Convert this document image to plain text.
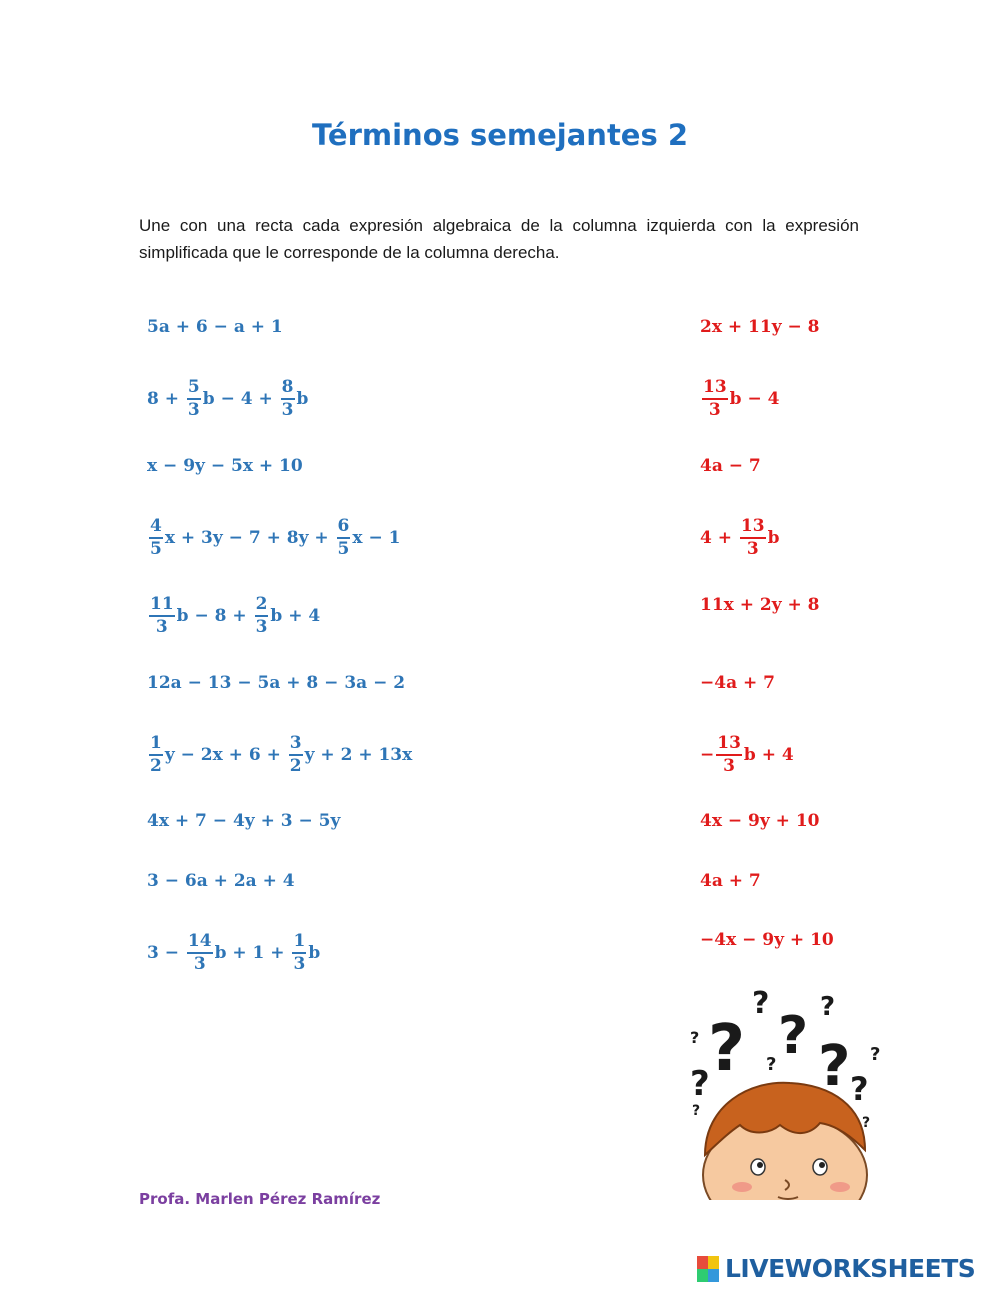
Términos semejantes 2
Une con una recta cada expresión algebraica de la columna izquierda con la expresión simplificada que le corresponde de la columna derecha.
5a + 6 − a + 1
$8 + \frac{5}{3}$ $b - 4 + \frac{8}{3}$ b
x − 9y − 5x + 10
$\frac{4}{5}$ $x + 3y - 7 + 8y + \frac{6}{5}$ x − 1
$\frac{11}{3}$ $b - 8 + \frac{2}{3}$ b + 4
12a − 13 − 5a + 8 − 3a − 2
$\frac{1}{2}$ $y - 2x + 6 + \frac{3}{2}$ y + 2 + 13x
4x + 7 − 4y + 3 − 5y
3 − 6a + 2a + 4
$3 - \frac{14}{3}$ $b + 1 + \frac{1}{3}$ b
2x + 11y − 8
$\frac{13}{3}$ b − 4
4a − 7
$4 + \frac{13}{3}$ b
11x + 2y + 8
−4a + 7
− $\frac{13}{3}$ b + 4
4x − 9y + 10
4a + 7
−4x − 9y + 10
? ? ?
? ?
?	?
?
?
?
?
?
Profa. Marlen Pérez Ramírez
LIVEWORKSHEETS
